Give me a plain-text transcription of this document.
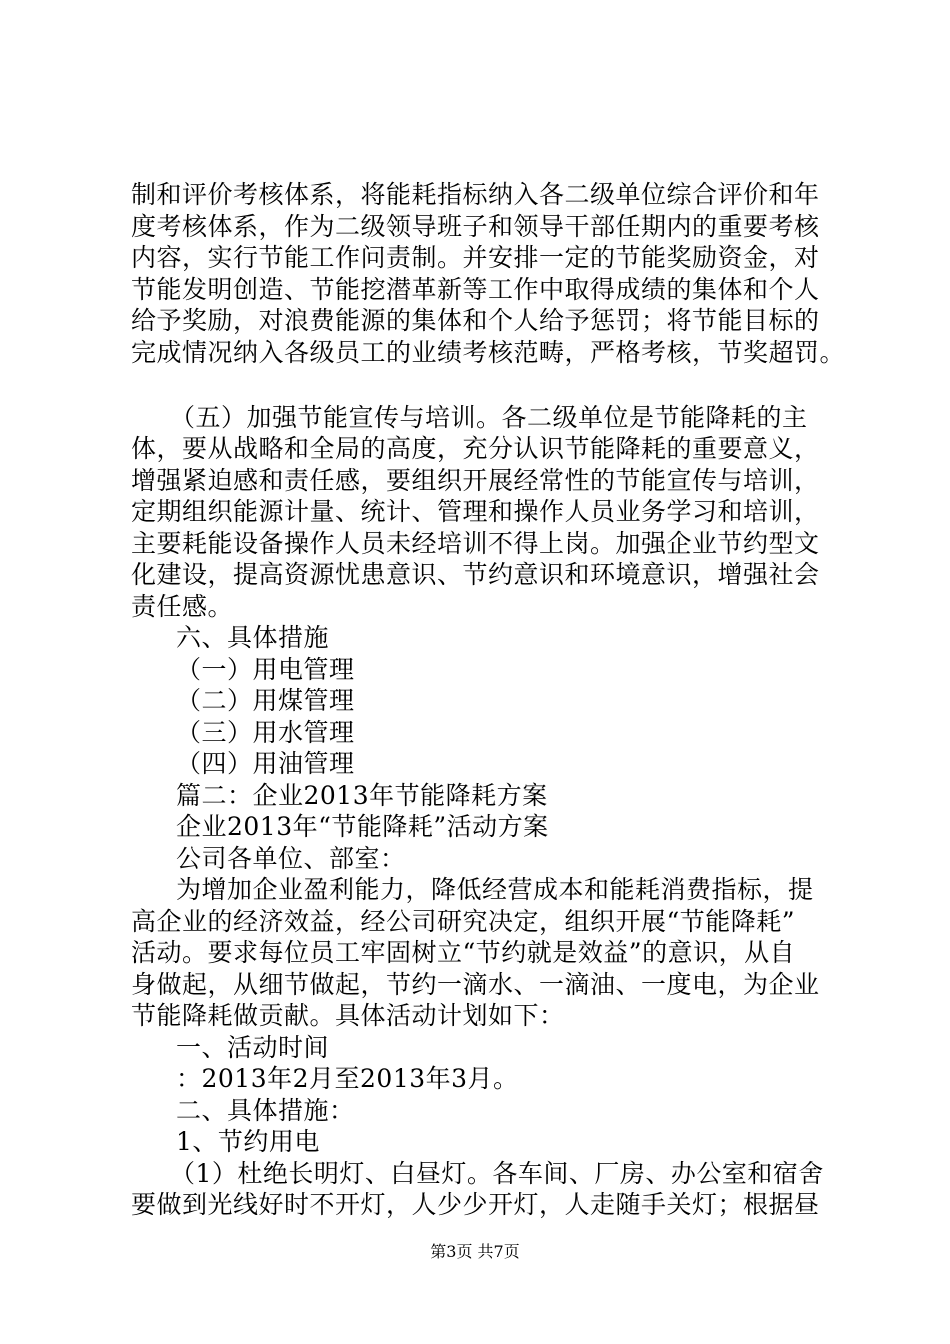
制和评价考核体系，将能耗指标纳入各二级单位综合评价和年
度考核体系，作为二级领导班子和领导干部任期内的重要考核
内容，实行节能工作问责制。并安排一定的节能奖励资金，对
节能发明创造、节能挖潜革新等工作中取得成绩的集体和个人
给予奖励，对浪费能源的集体和个人给予惩罚；将节能目标的
完成情况纳入各级员工的业绩考核范畴，严格考核，节奖超罚。
（五）加强节能宣传与培训。各二级单位是节能降耗的主
体，要从战略和全局的高度，充分认识节能降耗的重要意义，
增强紧迫感和责任感，要组织开展经常性的节能宣传与培训，
定期组织能源计量、统计、管理和操作人员业务学习和培训，
主要耗能设备操作人员未经培训不得上岗。加强企业节约型文
化建设，提高资源忧患意识、节约意识和环境意识，增强社会
责任感。
六、具体措施
（一）用电管理
（二）用煤管理
（三）用水管理
（四）用油管理
篇二：企业2013年节能降耗方案
企业2013年“节能降耗”活动方案
公司各单位、部室：
为增加企业盈利能力，降低经营成本和能耗消费指标，提
高企业的经济效益，经公司研究决定，组织开展“节能降耗”
活动。要求每位员工牢固树立“节约就是效益”的意识，从自
身做起，从细节做起，节约一滴水、一滴油、一度电，为企业
节能降耗做贡献。具体活动计划如下：
一、活动时间
：2013年2月至2013年3月。
二、具体措施：
1、节约用电
（1）杜绝长明灯、白昼灯。各车间、厂房、办公室和宿舍
要做到光线好时不开灯，人少少开灯，人走随手关灯；根据昼
第3页 共7页
